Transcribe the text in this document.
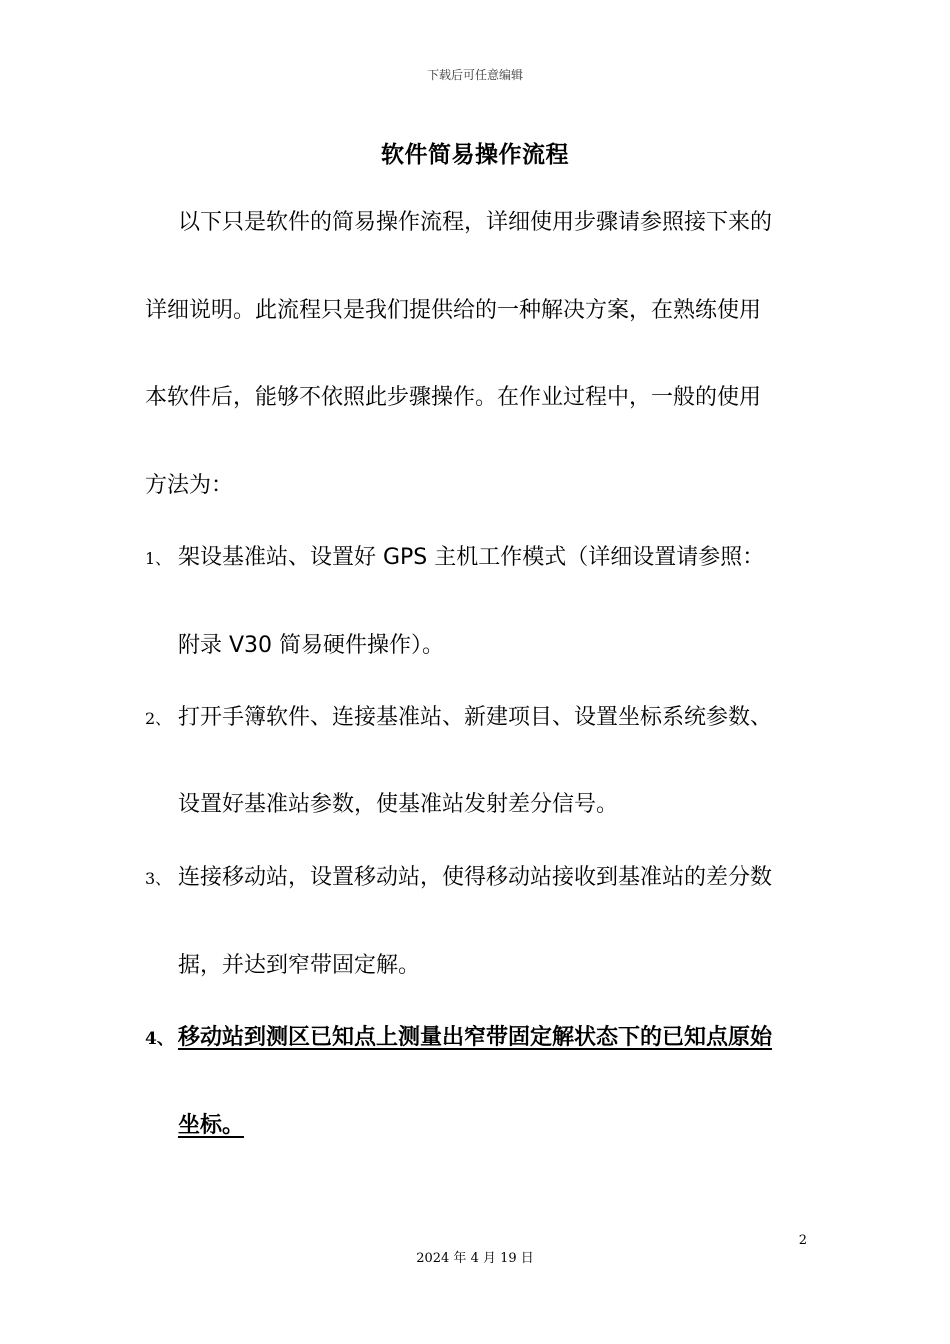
下载后可任意编辑
软件简易操作流程
以下只是软件的简易操作流程，详细使用步骤请参照接下来的
详细说明。此流程只是我们提供给的一种解决方案，在熟练使用
本软件后，能够不依照此步骤操作。在作业过程中，一般的使用
方法为：
1、 架设基准站、设置好 GPS 主机工作模式（详细设置请参照：
附录 V30 简易硬件操作）。
2、 打开手簿软件、连接基准站、新建项目、设置坐标系统参数、
设置好基准站参数，使基准站发射差分信号。
3、 连接移动站，设置移动站，使得移动站接收到基准站的差分数
据，并达到窄带固定解。
4、 移动站到测区已知点上测量出窄带固定解状态下的已知点原始
坐标。
2
2024 年 4 月 19 日
